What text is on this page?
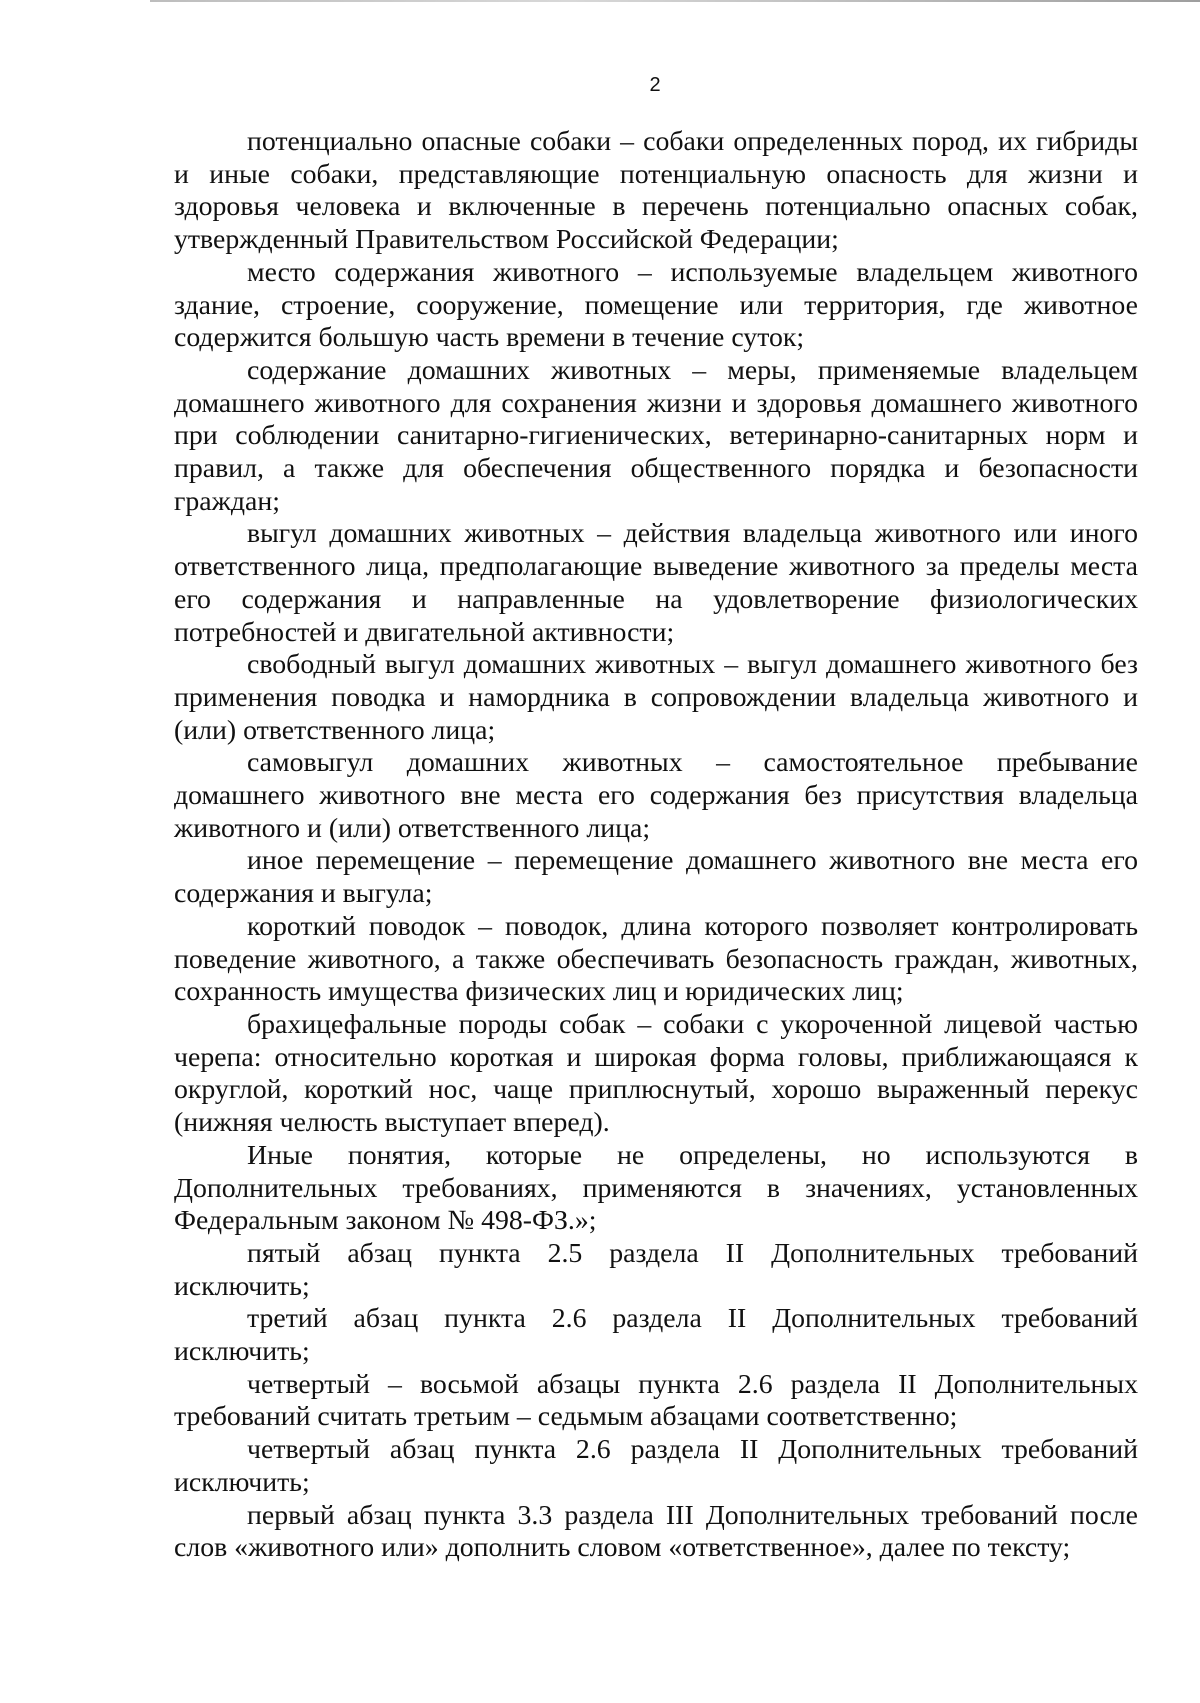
2

потенциально опасные собаки – собаки определенных пород, их гибриды и иные собаки, представляющие потенциальную опасность для жизни и здоровья человека и включенные в перечень потенциально опасных собак, утвержденный Правительством Российской Федерации;

место содержания животного – используемые владельцем животного здание, строение, сооружение, помещение или территория, где животное содержится большую часть времени в течение суток;

содержание домашних животных – меры, применяемые владельцем домашнего животного для сохранения жизни и здоровья домашнего животного при соблюдении санитарно-гигиенических, ветеринарно-санитарных норм и правил, а также для обеспечения общественного порядка и безопасности граждан;

выгул домашних животных – действия владельца животного или иного ответственного лица, предполагающие выведение животного за пределы места его содержания и направленные на удовлетворение физиологических потребностей и двигательной активности;

свободный выгул домашних животных – выгул домашнего животного без применения поводка и намордника в сопровождении владельца животного и (или) ответственного лица;

самовыгул домашних животных – самостоятельное пребывание домашнего животного вне места его содержания без присутствия владельца животного и (или) ответственного лица;

иное перемещение – перемещение домашнего животного вне места его содержания и выгула;

короткий поводок – поводок, длина которого позволяет контролировать поведение животного, а также обеспечивать безопасность граждан, животных, сохранность имущества физических лиц и юридических лиц;

брахицефальные породы собак – собаки с укороченной лицевой частью черепа: относительно короткая и широкая форма головы, приближающаяся к округлой, короткий нос, чаще приплюснутый, хорошо выраженный перекус (нижняя челюсть выступает вперед).

Иные понятия, которые не определены, но используются в Дополнительных требованиях, применяются в значениях, установленных Федеральным законом № 498-ФЗ.»;

пятый абзац пункта 2.5 раздела II Дополнительных требований исключить;

третий абзац пункта 2.6 раздела II Дополнительных требований исключить;

четвертый – восьмой абзацы пункта 2.6 раздела II Дополнительных требований считать третьим – седьмым абзацами соответственно;

четвертый абзац пункта 2.6 раздела II Дополнительных требований исключить;

первый абзац пункта 3.3 раздела III Дополнительных требований после слов «животного или» дополнить словом «ответственное», далее по тексту;
